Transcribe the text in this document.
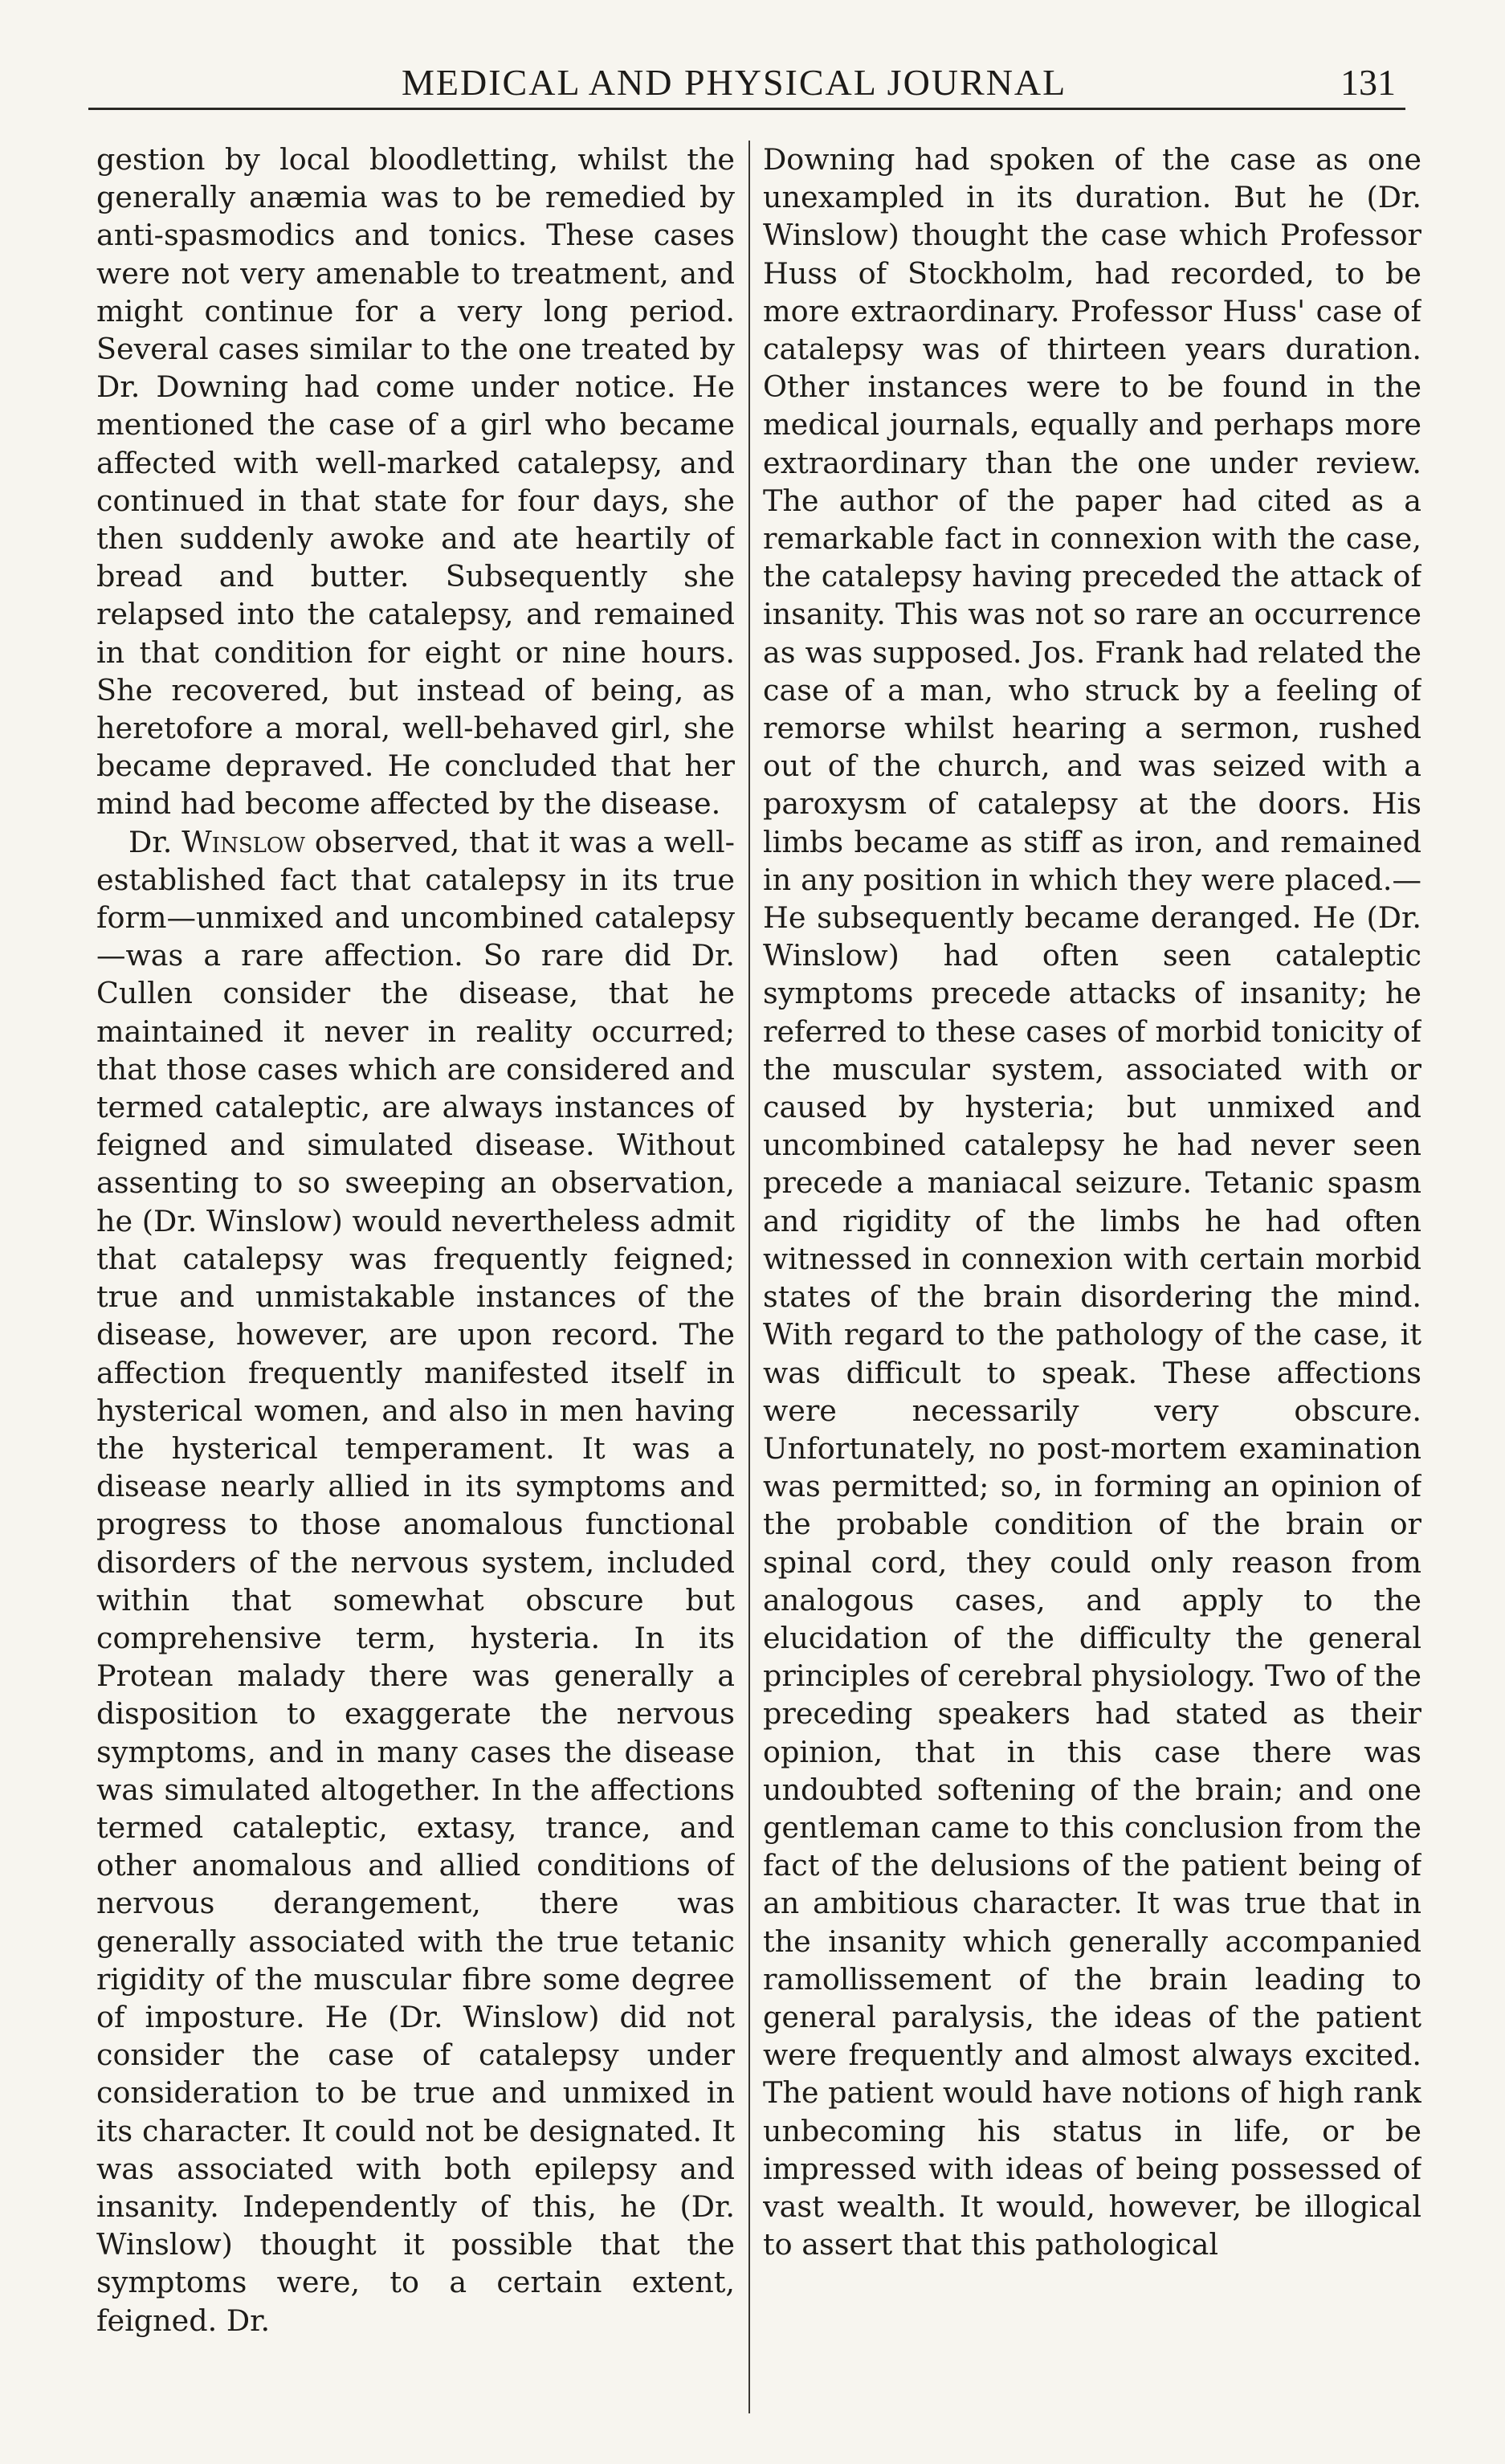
MEDICAL AND PHYSICAL JOURNAL	131

gestion by local bloodletting, whilst the generally anæmia was to be remedied by anti-spasmodics and tonics. These cases were not very amenable to treatment, and might continue for a very long period. Several cases similar to the one treated by Dr. Downing had come under notice. He mentioned the case of a girl who became affected with well-marked catalepsy, and continued in that state for four days, she then suddenly awoke and ate heartily of bread and butter. Subsequently she relapsed into the catalepsy, and remained in that condition for eight or nine hours. She recovered, but instead of being, as heretofore a moral, well-behaved girl, she became depraved. He concluded that her mind had become affected by the disease.

Dr. Winslow observed, that it was a well-established fact that catalepsy in its true form—unmixed and uncombined catalepsy—was a rare affection. So rare did Dr. Cullen consider the disease, that he maintained it never in reality occurred; that those cases which are considered and termed cataleptic, are always instances of feigned and simulated disease. Without assenting to so sweeping an observation, he (Dr. Winslow) would nevertheless admit that catalepsy was frequently feigned; true and unmistakable instances of the disease, however, are upon record. The affection frequently manifested itself in hysterical women, and also in men having the hysterical temperament. It was a disease nearly allied in its symptoms and progress to those anomalous functional disorders of the nervous system, included within that somewhat obscure but comprehensive term, hysteria. In its Protean malady there was generally a disposition to exaggerate the nervous symptoms, and in many cases the disease was simulated altogether. In the affections termed cataleptic, extasy, trance, and other anomalous and allied conditions of nervous derangement, there was generally associated with the true tetanic rigidity of the muscular fibre some degree of imposture. He (Dr. Winslow) did not consider the case of catalepsy under consideration to be true and unmixed in its character. It could not be designated. It was associated with both epilepsy and insanity. Independently of this, he (Dr. Winslow) thought it possible that the symptoms were, to a certain extent, feigned. Dr.

Downing had spoken of the case as one unexampled in its duration. But he (Dr. Winslow) thought the case which Professor Huss of Stockholm, had recorded, to be more extraordinary. Professor Huss' case of catalepsy was of thirteen years duration. Other instances were to be found in the medical journals, equally and perhaps more extraordinary than the one under review. The author of the paper had cited as a remarkable fact in connexion with the case, the catalepsy having preceded the attack of insanity. This was not so rare an occurrence as was supposed. Jos. Frank had related the case of a man, who struck by a feeling of remorse whilst hearing a sermon, rushed out of the church, and was seized with a paroxysm of catalepsy at the doors. His limbs became as stiff as iron, and remained in any position in which they were placed.—He subsequently became deranged. He (Dr. Winslow) had often seen cataleptic symptoms precede attacks of insanity; he referred to these cases of morbid tonicity of the muscular system, associated with or caused by hysteria; but unmixed and uncombined catalepsy he had never seen precede a maniacal seizure. Tetanic spasm and rigidity of the limbs he had often witnessed in connexion with certain morbid states of the brain disordering the mind. With regard to the pathology of the case, it was difficult to speak. These affections were necessarily very obscure. Unfortunately, no post-mortem examination was permitted; so, in forming an opinion of the probable condition of the brain or spinal cord, they could only reason from analogous cases, and apply to the elucidation of the difficulty the general principles of cerebral physiology. Two of the preceding speakers had stated as their opinion, that in this case there was undoubted softening of the brain; and one gentleman came to this conclusion from the fact of the delusions of the patient being of an ambitious character. It was true that in the insanity which generally accompanied ramollissement of the brain leading to general paralysis, the ideas of the patient were frequently and almost always excited. The patient would have notions of high rank unbecoming his status in life, or be impressed with ideas of being possessed of vast wealth. It would, however, be illogical to assert that this pathological
